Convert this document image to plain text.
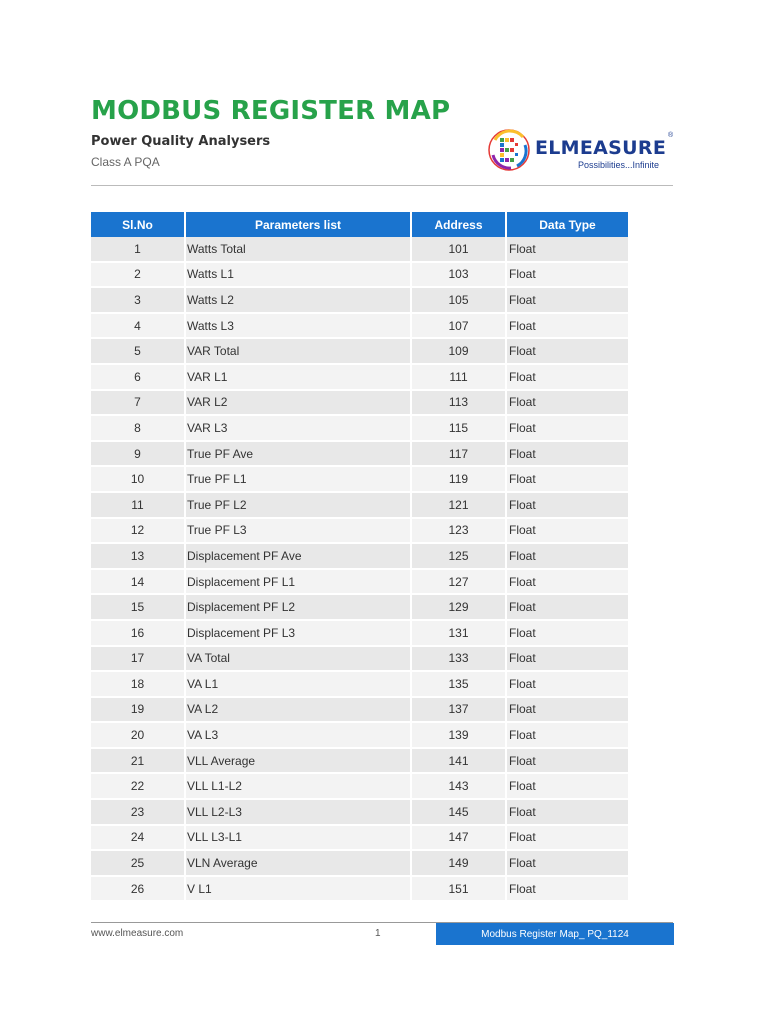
MODBUS REGISTER MAP
Power Quality Analysers
Class A PQA
ELMEASURE
®
Possibilities...Infinite
Sl.No	Parameters list	Address	Data Type
1	Watts Total	101	Float
2	Watts L1	103	Float
3	Watts L2	105	Float
4	Watts L3	107	Float
5	VAR Total	109	Float
6	VAR L1	111	Float
7	VAR L2	113	Float
8	VAR L3	115	Float
9	True PF Ave	117	Float
10	True PF L1	119	Float
11	True PF L2	121	Float
12	True PF L3	123	Float
13	Displacement PF Ave	125	Float
14	Displacement PF L1	127	Float
15	Displacement PF L2	129	Float
16	Displacement PF L3	131	Float
17	VA Total	133	Float
18	VA L1	135	Float
19	VA L2	137	Float
20	VA L3	139	Float
21	VLL Average	141	Float
22	VLL L1-L2	143	Float
23	VLL L2-L3	145	Float
24	VLL L3-L1	147	Float
25	VLN Average	149	Float
26	V L1	151	Float
www.elmeasure.com	1	Modbus Register Map_ PQ_1124
